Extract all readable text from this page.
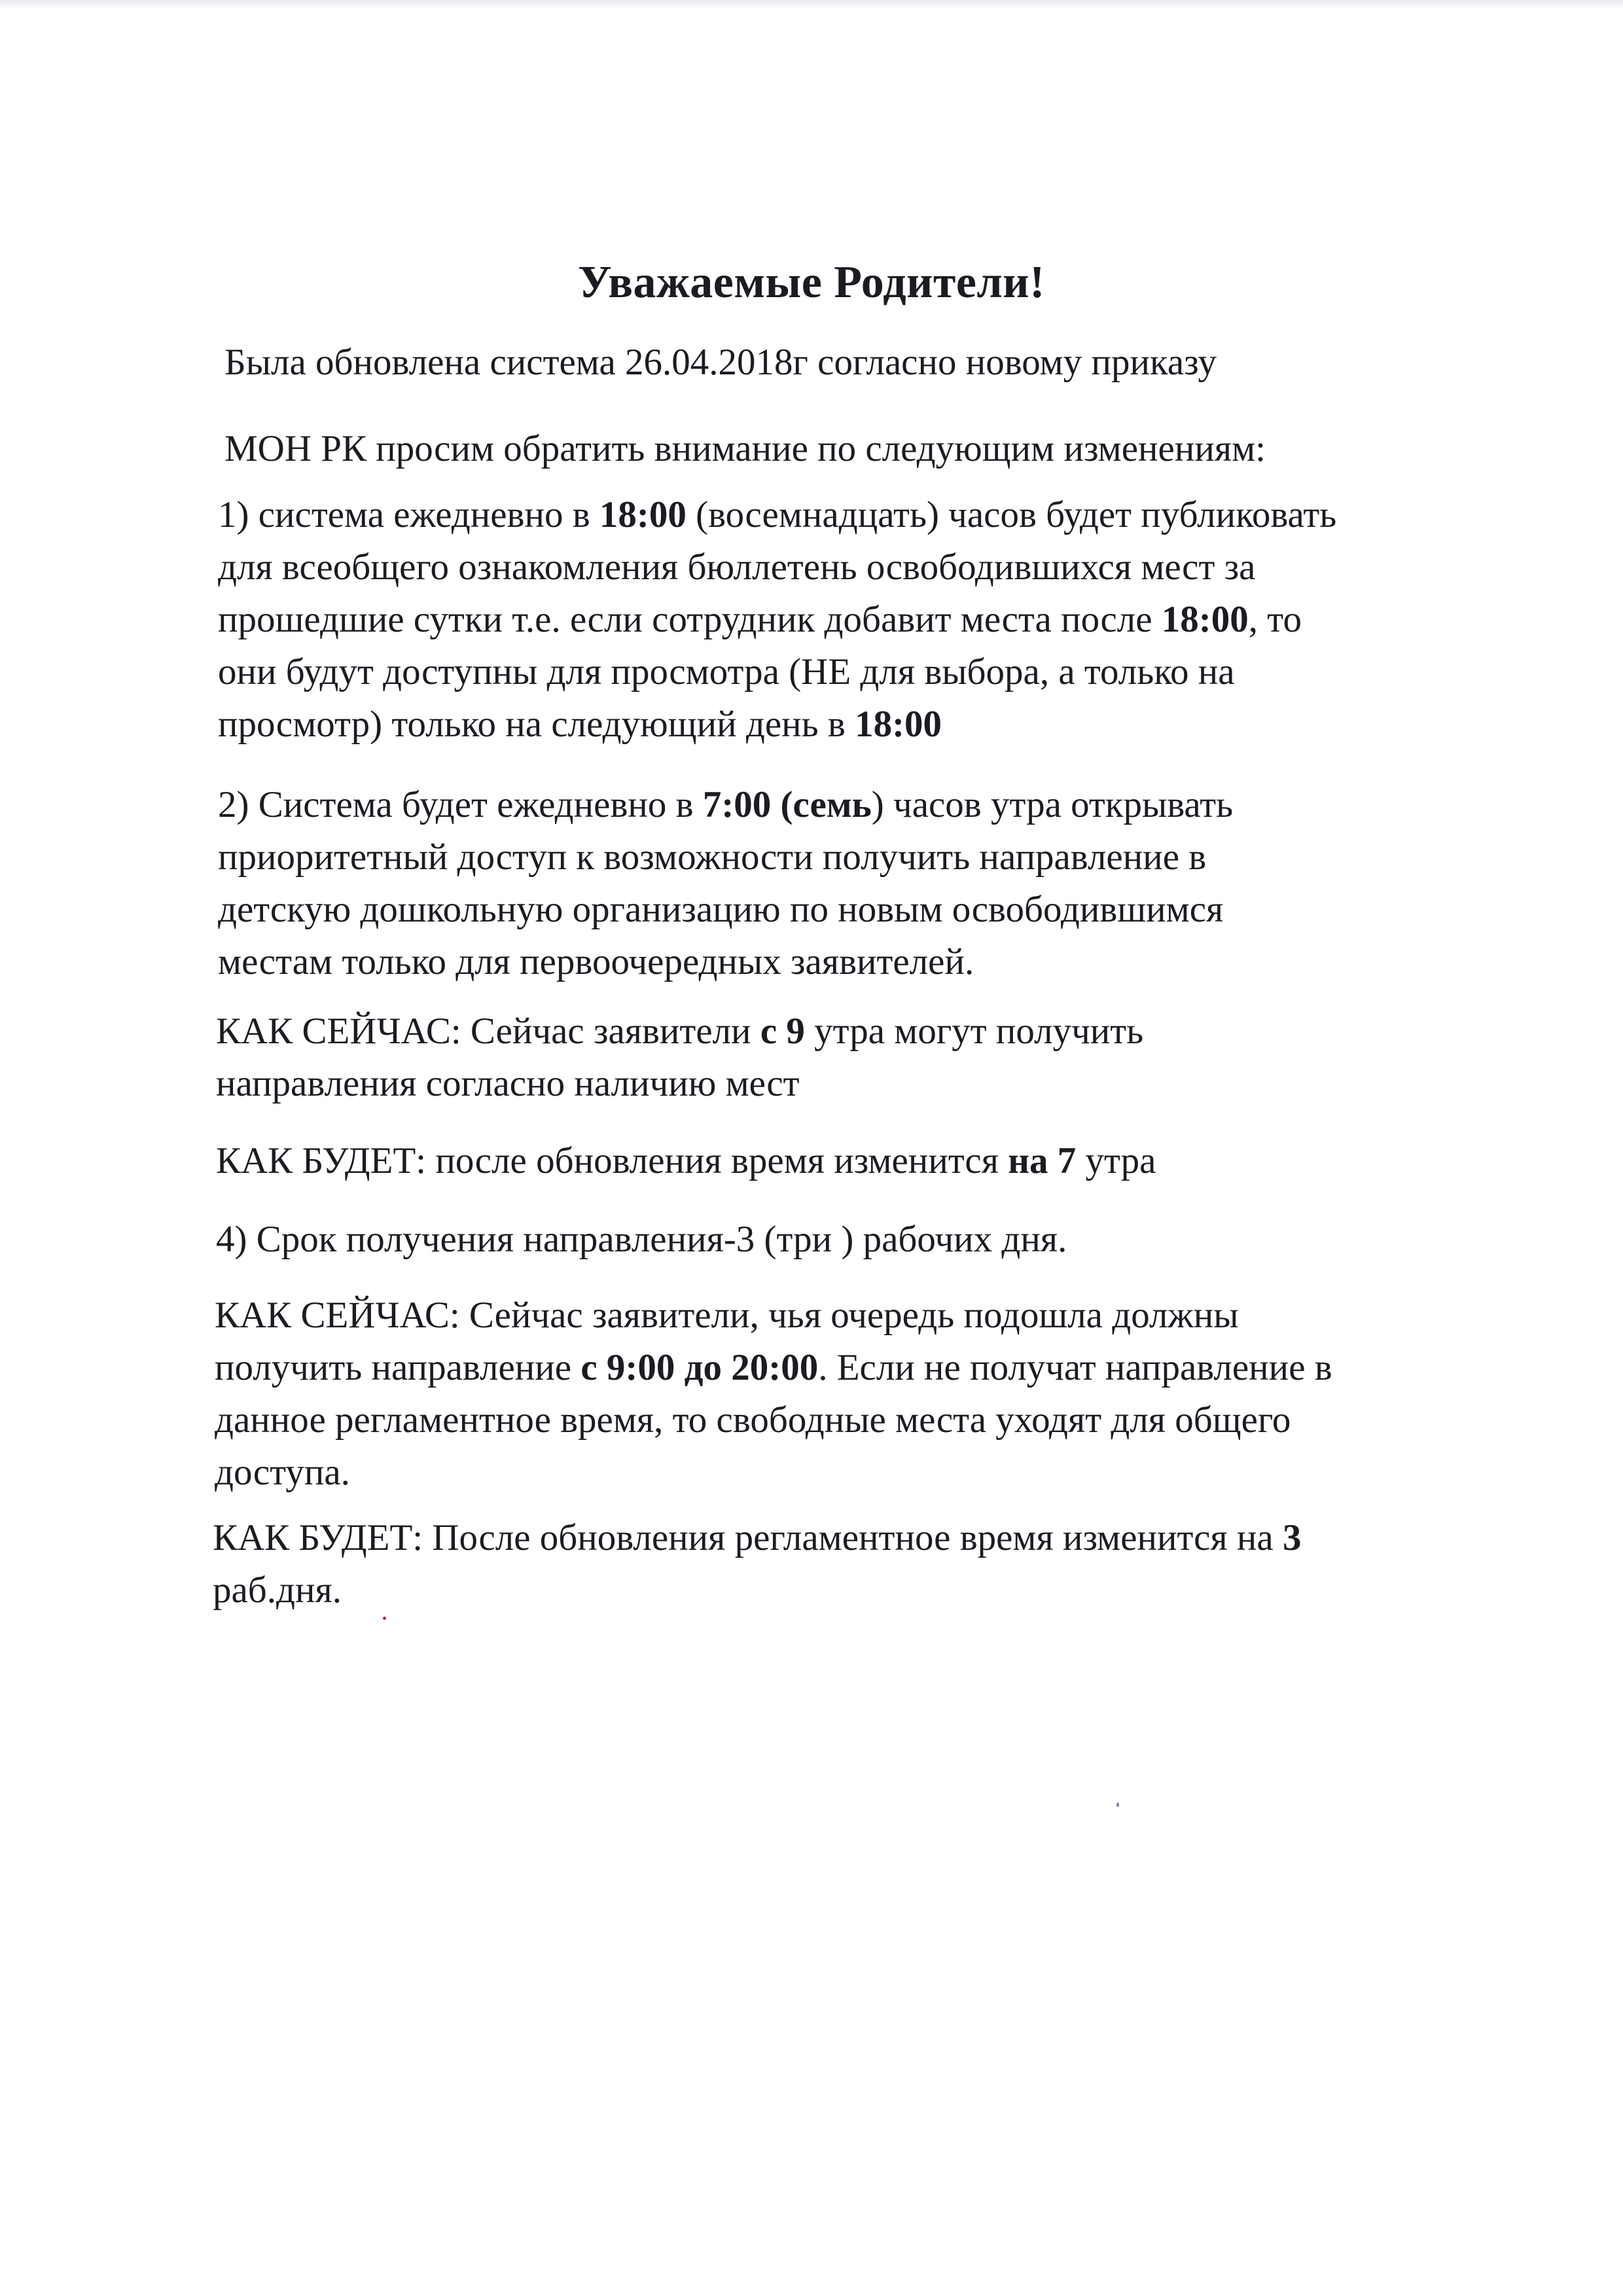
Уважаемые Родители!

Была обновлена система 26.04.2018г согласно новому приказу
МОН РК просим обратить внимание по следующим изменениям:

1) система ежедневно в 18:00 (восемнадцать) часов будет публиковать
для всеобщего ознакомления бюллетень освободившихся мест за
прошедшие сутки т.е. если сотрудник добавит места после 18:00, то
они будут доступны для просмотра (НЕ для выбора, а только на
просмотр) только на следующий день в 18:00

2) Система будет ежедневно в 7:00 (семь) часов утра открывать
приоритетный доступ к возможности получить направление в
детскую дошкольную организацию по новым освободившимся
местам только для первоочередных заявителей.

КАК СЕЙЧАС: Сейчас заявители с 9 утра могут получить
направления согласно наличию мест

КАК БУДЕТ: после обновления время изменится на 7 утра

4) Срок получения направления-3 (три ) рабочих дня.

КАК СЕЙЧАС: Сейчас заявители, чья очередь подошла должны
получить направление с 9:00 до 20:00. Если не получат направление в
данное регламентное время, то свободные места уходят для общего
доступа.

КАК БУДЕТ: После обновления регламентное время изменится на 3
раб.дня.
